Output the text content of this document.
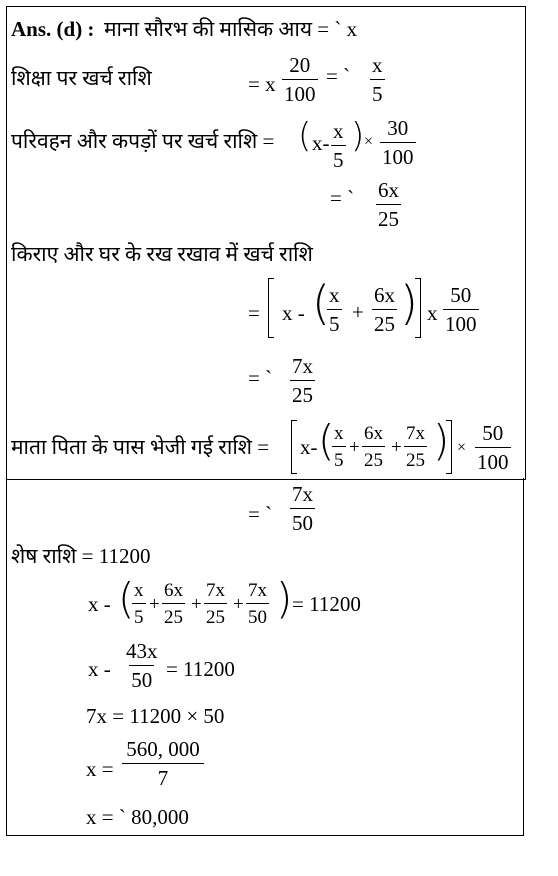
Ans. (d) : माना सौरभ की मासिक आय = ` x
शिक्षा पर खर्च राशि	= x $\frac{20}{100}$ = ` $\frac{x}{5}$
परिवहन और कपड़ों पर खर्च राशि = ( $x- \frac{x}{5}$ ) × $\frac{30}{100}$
= ` $\frac{6x}{25}$
किराए और घर के रख रखाव में खर्च राशि
= x - (
$\frac{x}{5} + \frac{6x}{25}$ ) x $\frac{50}{100}$
= ` $\frac{7x}{25}$
माता पिता के पास भेजी गई राशि = x- (
$\frac{x}{5} + \frac{6x}{25} + \frac{7x}{25}$ ) × $\frac{50}{100}$
= ` $\frac{7x}{50}$
शेष राशि = 11200
x - (
$\frac{x}{5} + \frac{6x}{25} + \frac{7x}{25} + \frac{7x}{50}$ ) = 11200
$x - \frac{43x}{50} = 11200$
7x = 11200 × 50
$x = \frac{560, 000}{7}$
x = ` 80,000
